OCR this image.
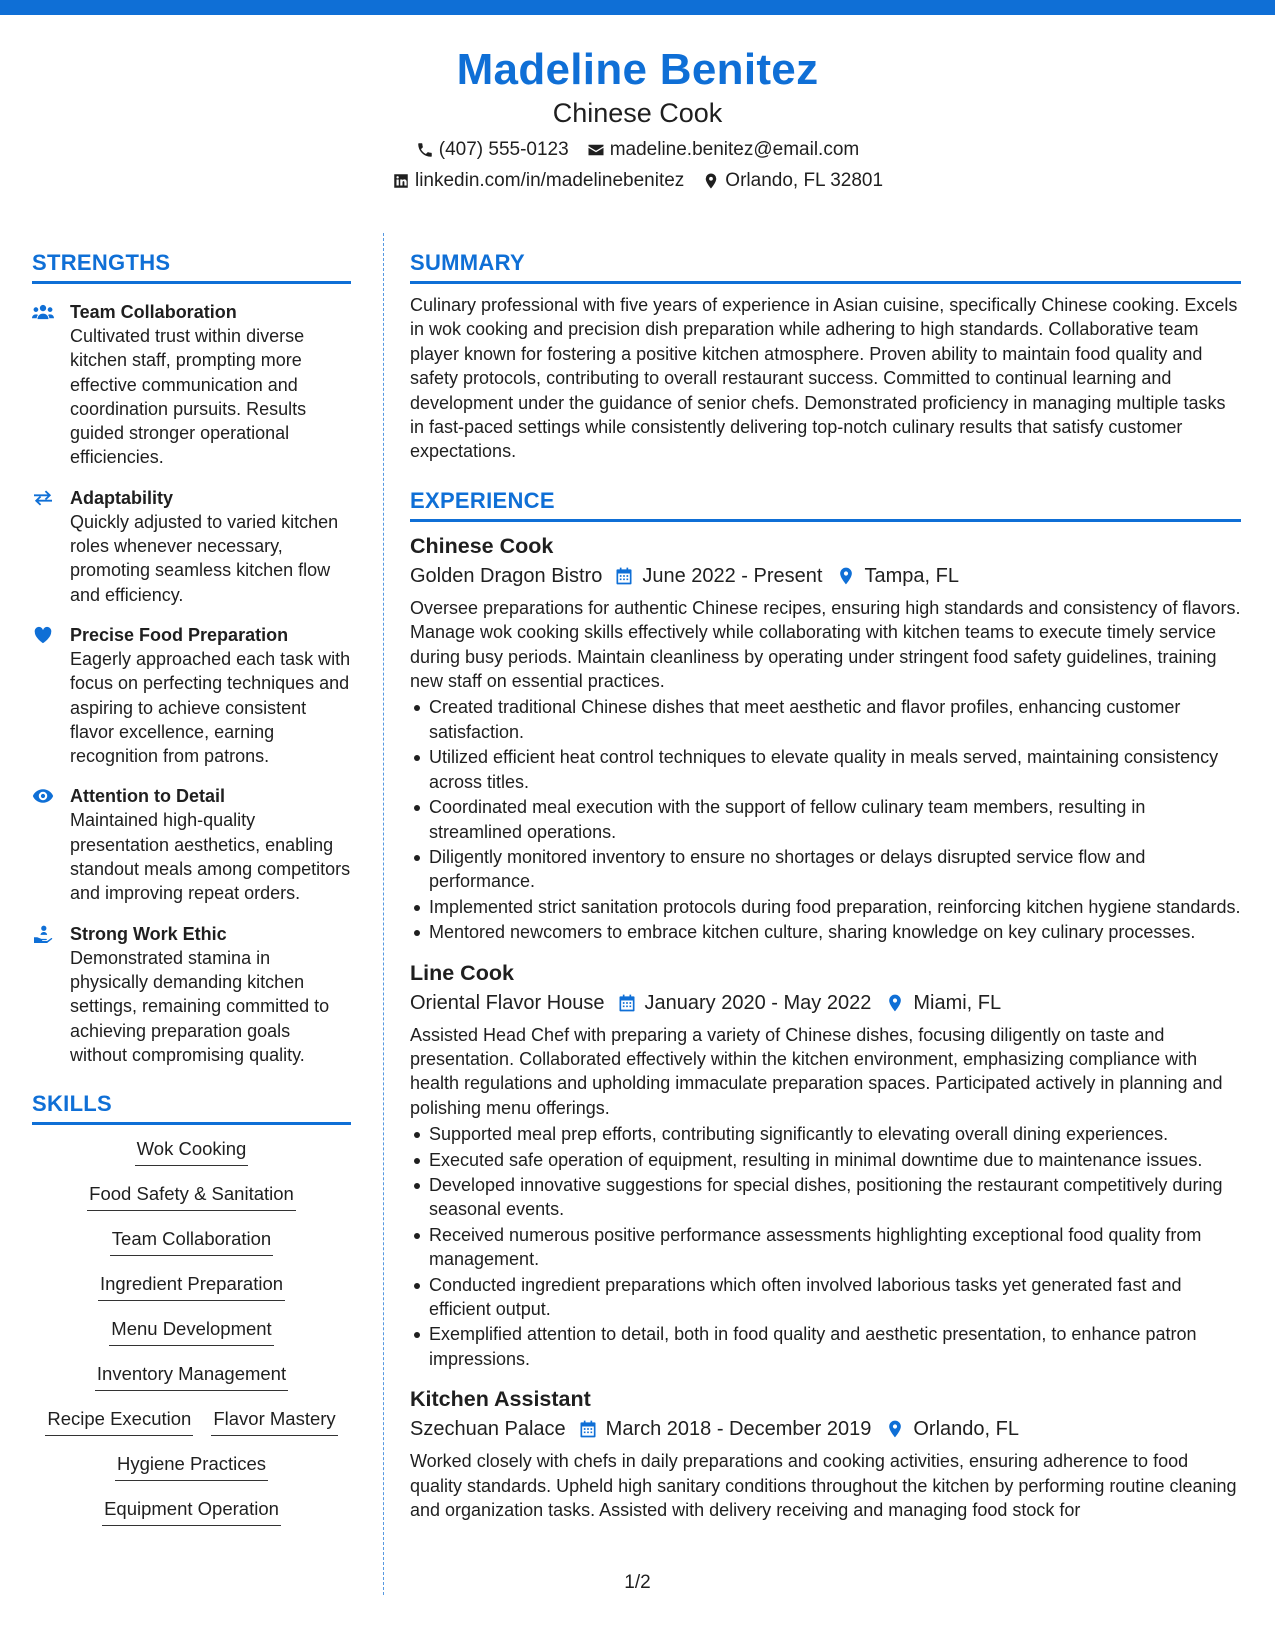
Madeline Benitez
Chinese Cook
(407) 555-0123 madeline.benitez@email.com
linkedin.com/in/madelinebenitez Orlando, FL 32801
STRENGTHS
Team Collaboration
Cultivated trust within diverse kitchen staff, prompting more effective communication and coordination pursuits. Results guided stronger operational efficiencies.
Adaptability
Quickly adjusted to varied kitchen roles whenever necessary, promoting seamless kitchen flow and efficiency.
Precise Food Preparation
Eagerly approached each task with focus on perfecting techniques and aspiring to achieve consistent flavor excellence, earning recognition from patrons.
Attention to Detail
Maintained high-quality presentation aesthetics, enabling standout meals among competitors and improving repeat orders.
Strong Work Ethic
Demonstrated stamina in physically demanding kitchen settings, remaining committed to achieving preparation goals without compromising quality.
SKILLS
Wok Cooking
Food Safety & Sanitation
Team Collaboration
Ingredient Preparation
Menu Development
Inventory Management
Recipe Execution Flavor Mastery
Hygiene Practices
Equipment Operation
SUMMARY
Culinary professional with five years of experience in Asian cuisine, specifically Chinese cooking. Excels in wok cooking and precision dish preparation while adhering to high standards. Collaborative team player known for fostering a positive kitchen atmosphere. Proven ability to maintain food quality and safety protocols, contributing to overall restaurant success. Committed to continual learning and development under the guidance of senior chefs. Demonstrated proficiency in managing multiple tasks in fast-paced settings while consistently delivering top-notch culinary results that satisfy customer expectations.
EXPERIENCE
Chinese Cook
Golden Dragon Bistro June 2022 - Present Tampa, FL
Oversee preparations for authentic Chinese recipes, ensuring high standards and consistency of flavors. Manage wok cooking skills effectively while collaborating with kitchen teams to execute timely service during busy periods. Maintain cleanliness by operating under stringent food safety guidelines, training new staff on essential practices.
Created traditional Chinese dishes that meet aesthetic and flavor profiles, enhancing customer satisfaction.
Utilized efficient heat control techniques to elevate quality in meals served, maintaining consistency across titles.
Coordinated meal execution with the support of fellow culinary team members, resulting in streamlined operations.
Diligently monitored inventory to ensure no shortages or delays disrupted service flow and performance.
Implemented strict sanitation protocols during food preparation, reinforcing kitchen hygiene standards.
Mentored newcomers to embrace kitchen culture, sharing knowledge on key culinary processes.
Line Cook
Oriental Flavor House January 2020 - May 2022 Miami, FL
Assisted Head Chef with preparing a variety of Chinese dishes, focusing diligently on taste and presentation. Collaborated effectively within the kitchen environment, emphasizing compliance with health regulations and upholding immaculate preparation spaces. Participated actively in planning and polishing menu offerings.
Supported meal prep efforts, contributing significantly to elevating overall dining experiences.
Executed safe operation of equipment, resulting in minimal downtime due to maintenance issues.
Developed innovative suggestions for special dishes, positioning the restaurant competitively during seasonal events.
Received numerous positive performance assessments highlighting exceptional food quality from management.
Conducted ingredient preparations which often involved laborious tasks yet generated fast and efficient output.
Exemplified attention to detail, both in food quality and aesthetic presentation, to enhance patron impressions.
Kitchen Assistant
Szechuan Palace March 2018 - December 2019 Orlando, FL
Worked closely with chefs in daily preparations and cooking activities, ensuring adherence to food quality standards. Upheld high sanitary conditions throughout the kitchen by performing routine cleaning and organization tasks. Assisted with delivery receiving and managing food stock for
1/2
